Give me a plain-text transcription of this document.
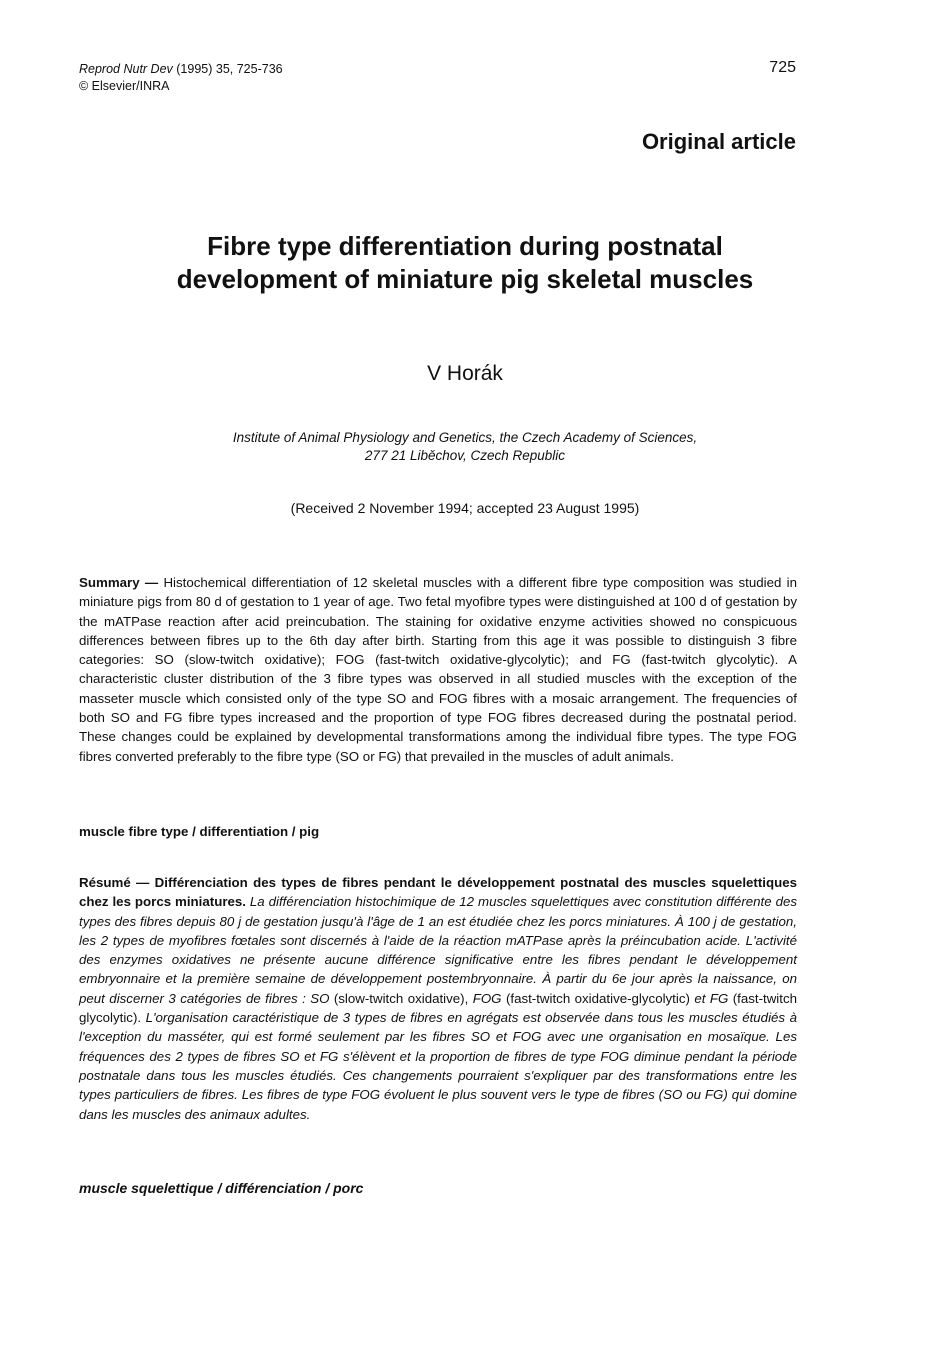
Reprod Nutr Dev (1995) 35, 725-736
© Elsevier/INRA
725
Original article
Fibre type differentiation during postnatal
development of miniature pig skeletal muscles
V Horák
Institute of Animal Physiology and Genetics, the Czech Academy of Sciences,
277 21 Liběchov, Czech Republic
(Received 2 November 1994; accepted 23 August 1995)
Summary — Histochemical differentiation of 12 skeletal muscles with a different fibre type composition was studied in miniature pigs from 80 d of gestation to 1 year of age. Two fetal myofibre types were distinguished at 100 d of gestation by the mATPase reaction after acid preincubation. The staining for oxidative enzyme activities showed no conspicuous differences between fibres up to the 6th day after birth. Starting from this age it was possible to distinguish 3 fibre categories: SO (slow-twitch oxidative); FOG (fast-twitch oxidative-glycolytic); and FG (fast-twitch glycolytic). A characteristic cluster distribution of the 3 fibre types was observed in all studied muscles with the exception of the masseter muscle which consisted only of the type SO and FOG fibres with a mosaic arrangement. The frequencies of both SO and FG fibre types increased and the proportion of type FOG fibres decreased during the postnatal period. These changes could be explained by developmental transformations among the individual fibre types. The type FOG fibres converted preferably to the fibre type (SO or FG) that prevailed in the muscles of adult animals.
muscle fibre type / differentiation / pig
Résumé — Différenciation des types de fibres pendant le développement postnatal des muscles squelettiques chez les porcs miniatures. La différenciation histochimique de 12 muscles squelettiques avec constitution différente des types des fibres depuis 80 j de gestation jusqu'à l'âge de 1 an est étudiée chez les porcs miniatures. À 100 j de gestation, les 2 types de myofibres fœtales sont discernés à l'aide de la réaction mATPase après la préincubation acide. L'activité des enzymes oxidatives ne présente aucune différence significative entre les fibres pendant le développement embryonnaire et la première semaine de développement postembryonnaire. À partir du 6e jour après la naissance, on peut discerner 3 catégories de fibres : SO (slow-twitch oxidative), FOG (fast-twitch oxidative-glycolytic) et FG (fast-twitch glycolytic). L'organisation caractéristique de 3 types de fibres en agrégats est observée dans tous les muscles étudiés à l'exception du masséter, qui est formé seulement par les fibres SO et FOG avec une organisation en mosaïque. Les fréquences des 2 types de fibres SO et FG s'élèvent et la proportion de fibres de type FOG diminue pendant la période postnatale dans tous les muscles étudiés. Ces changements pourraient s'expliquer par des transformations entre les types particuliers de fibres. Les fibres de type FOG évoluent le plus souvent vers le type de fibres (SO ou FG) qui domine dans les muscles des animaux adultes.
muscle squelettique / différenciation / porc
